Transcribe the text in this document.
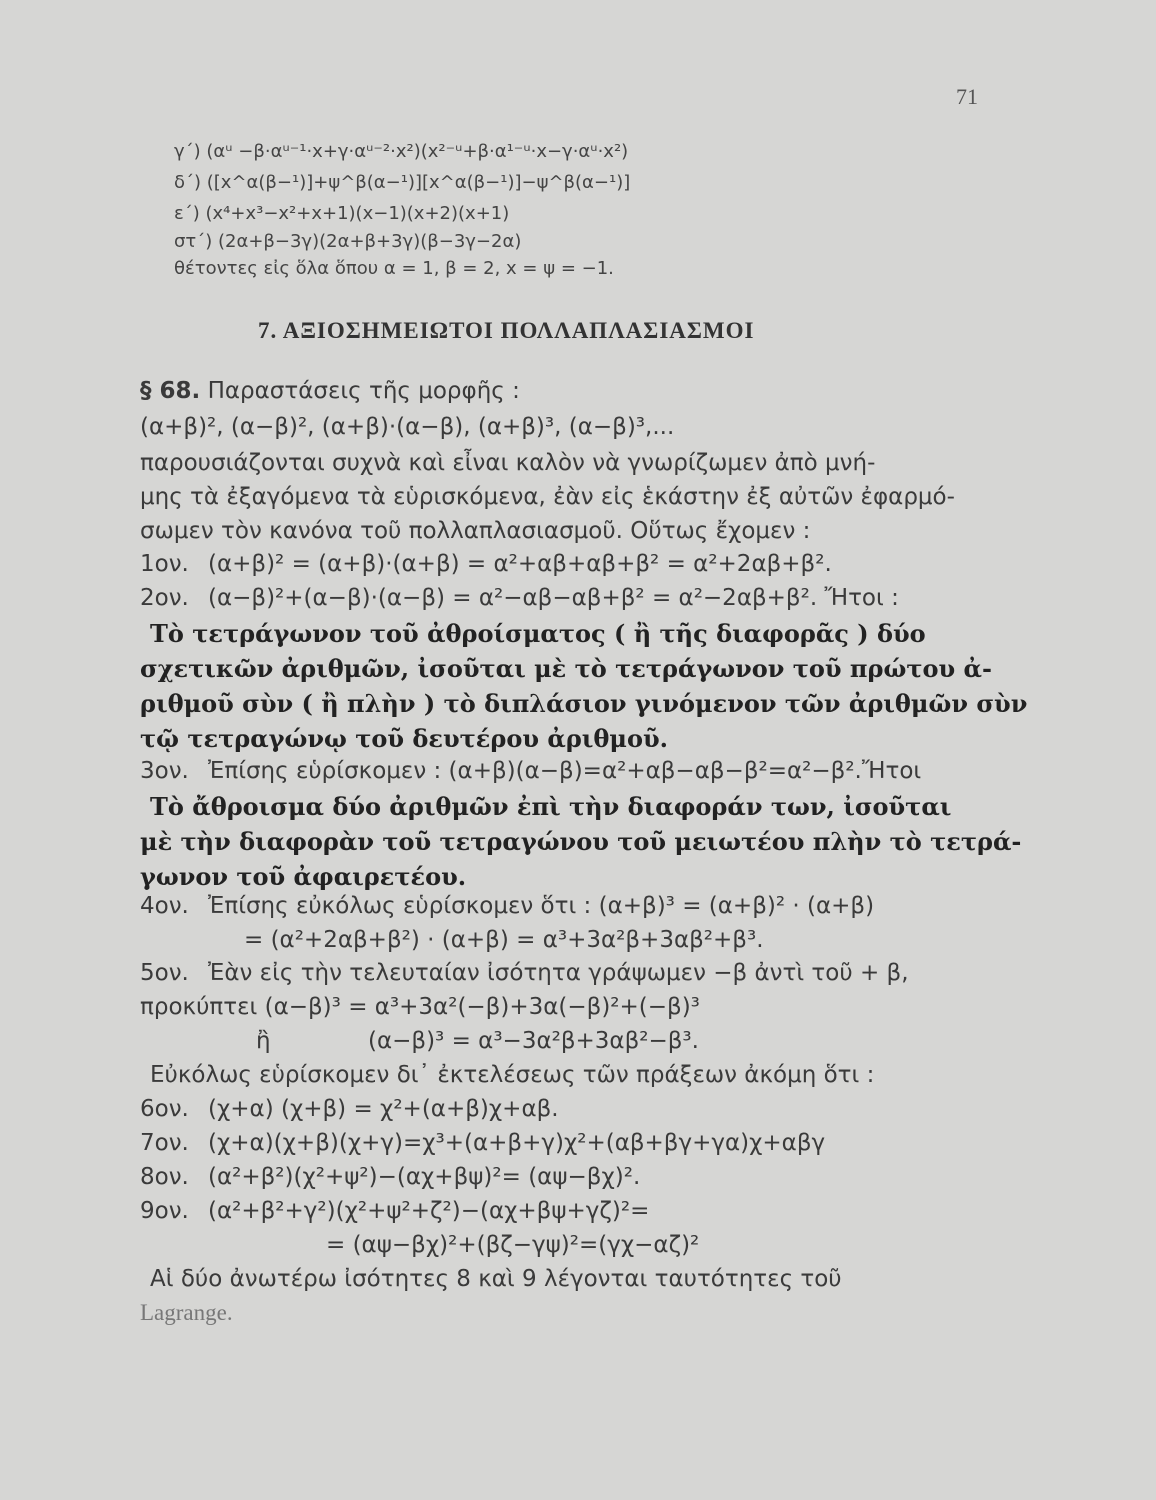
71
γ΄) (αᵘ −β·αᵘ⁻¹·x+γ·αᵘ⁻²·x²)(x²⁻ᵘ+β·α¹⁻ᵘ·x−γ·αᵘ·x²)
δ΄) ([x^α(β−¹)]+ψ^β(α−¹)][x^α(β−¹)]−ψ^β(α−¹)]
ε΄) (x⁴+x³−x²+x+1)(x−1)(x+2)(x+1)
στ΄) (2α+β−3γ)(2α+β+3γ)(β−3γ−2α)
θέτοντες εἰς ὅλα ὅπου α = 1, β = 2, x = ψ = −1.
7. ΑΞΙΟΣΗΜΕΙΩΤΟΙ ΠΟΛΛΑΠΛΑΣΙΑΣΜΟΙ
§ 68. Παραστάσεις τῆς μορφῆς :
(α+β)², (α−β)², (α+β)·(α−β), (α+β)³, (α−β)³,...
παρουσιάζονται συχνὰ καὶ εἶναι καλὸν νὰ γνωρίζωμεν ἀπὸ μνή-
μης τὰ ἐξαγόμενα τὰ εὑρισκόμενα, ἐὰν εἰς ἑκάστην ἐξ αὐτῶν ἐφαρμό-
σωμεν τὸν κανόνα τοῦ πολλαπλασιασμοῦ. Οὕτως ἔχομεν :
1ον. (α+β)² = (α+β)·(α+β) = α²+αβ+αβ+β² = α²+2αβ+β².
2ον. (α−β)²+(α−β)·(α−β) = α²−αβ−αβ+β² = α²−2αβ+β². Ἤτοι :
Τὸ τετράγωνον τοῦ ἀθροίσματος ( ἢ τῆς διαφορᾶς ) δύο
σχετικῶν ἀριθμῶν, ἰσοῦται μὲ τὸ τετράγωνον τοῦ πρώτου ἀ-
ριθμοῦ σὺν ( ἢ πλὴν ) τὸ διπλάσιον γινόμενον τῶν ἀριθμῶν σὺν
τῷ τετραγώνῳ τοῦ δευτέρου ἀριθμοῦ.
3ον. Ἐπίσης εὑρίσκομεν : (α+β)(α−β)=α²+αβ−αβ−β²=α²−β².Ἤτοι
Τὸ ἄθροισμα δύο ἀριθμῶν ἐπὶ τὴν διαφοράν των, ἰσοῦται
μὲ τὴν διαφορὰν τοῦ τετραγώνου τοῦ μειωτέου πλὴν τὸ τετρά-
γωνον τοῦ ἀφαιρετέου.
4ον. Ἐπίσης εὐκόλως εὑρίσκομεν ὅτι : (α+β)³ = (α+β)² · (α+β)
= (α²+2αβ+β²) · (α+β) = α³+3α²β+3αβ²+β³.
5ον. Ἐὰν εἰς τὴν τελευταίαν ἰσότητα γράψωμεν −β ἀντὶ τοῦ + β,
προκύπτει (α−β)³ = α³+3α²(−β)+3α(−β)²+(−β)³
ἢ	(α−β)³ = α³−3α²β+3αβ²−β³.
Εὐκόλως εὑρίσκομεν δι᾽ ἐκτελέσεως τῶν πράξεων ἀκόμη ὅτι :
6ον. (χ+α) (χ+β) = χ²+(α+β)χ+αβ.
7ον. (χ+α)(χ+β)(χ+γ)=χ³+(α+β+γ)χ²+(αβ+βγ+γα)χ+αβγ
8ον. (α²+β²)(χ²+ψ²)−(αχ+βψ)²= (αψ−βχ)².
9ον. (α²+β²+γ²)(χ²+ψ²+ζ²)−(αχ+βψ+γζ)²=
= (αψ−βχ)²+(βζ−γψ)²=(γχ−αζ)²
Αἱ δύο ἀνωτέρω ἰσότητες 8 καὶ 9 λέγονται ταυτότητες τοῦ
Lagrange.
